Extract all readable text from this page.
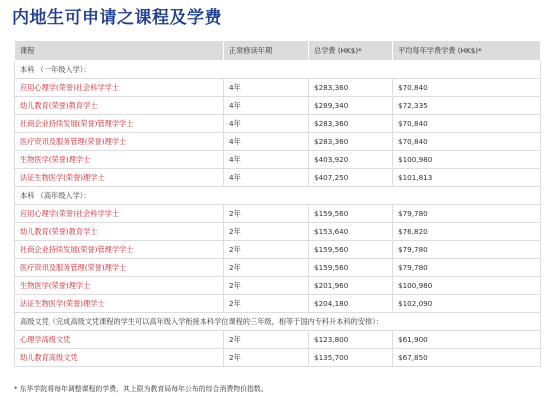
内地生可申请之课程及学费
课程	正常修读年期	总学费 (HK$)*	平均每年学费学费 (HK$)*
本科 （一年级入学）：			
应用心理学(荣誉)社会科学学士	4年	$283,360	$70,840
幼儿教育(荣誉)教育学士	4年	$289,340	$72,335
社商企业持续发展(荣誉)管理学学士	4年	$283,360	$70,840
医疗资讯及服务管理(荣誉)理学士	4年	$283,360	$70,840
生物医学(荣誉)理学士	4年	$403,920	$100,980
法证生物医学(荣誉)理学士	4年	$407,250	$101,813
本科 （高年级入学）：			
应用心理学(荣誉)社会科学学士	2年	$159,560	$79,780
幼儿教育(荣誉)教育学士	2年	$153,640	$76,820
社商企业持续发展(荣誉)管理学学士	2年	$159,560	$79,780
医疗资讯及服务管理(荣誉)理学士	2年	$159,560	$79,780
生物医学(荣誉)理学士	2年	$201,960	$100,980
法证生物医学(荣誉)理学士	2年	$204,180	$102,090
高级文凭（完成高级文凭课程的学生可以高年级入学衔接本科学位课程的三年级，相等于国内专科升本科的安排）：			
心理学高级文凭	2年	$123,800	$61,900
幼儿教育高级文凭	2年	$135,700	$67,850
* 东华学院将每年调整课程的学费，其上限为教育局每年公布的综合消费物价指数。
